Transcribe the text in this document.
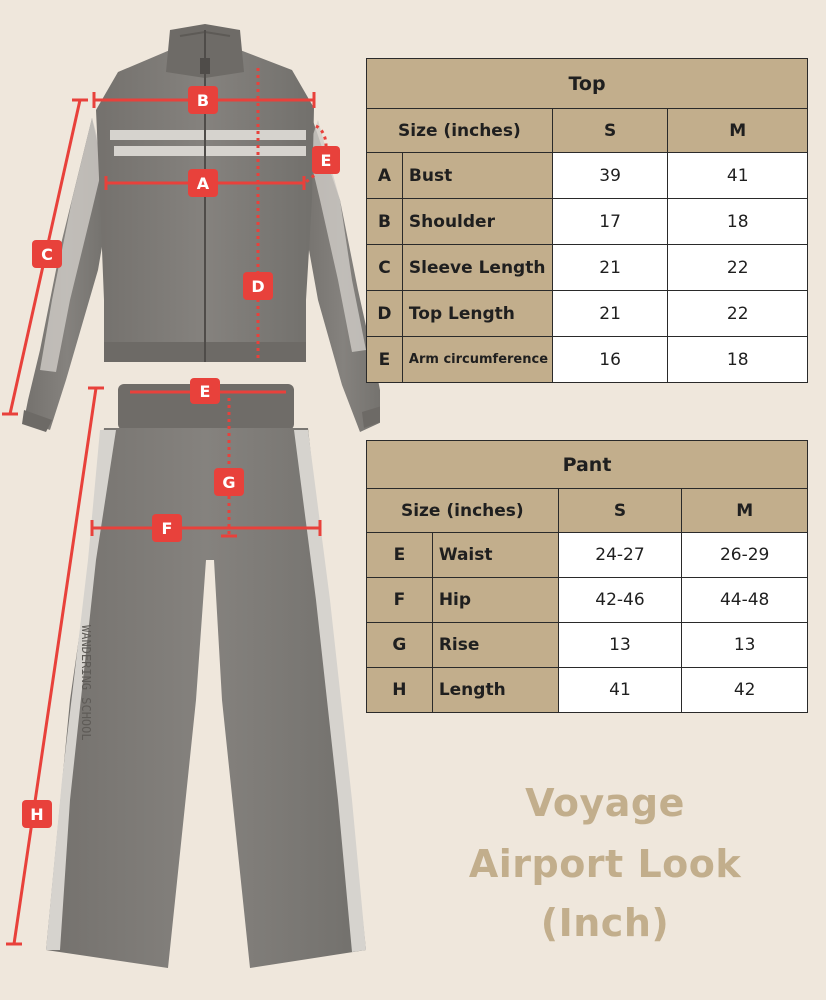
WANDERING SCHOOL
B
A
E
C
D
E
G
F
H
Top			
Size (inches)		S	M
A	Bust	39	41
B	Shoulder	17	18
C	Sleeve Length	21	22
D	Top Length	21	22
E	Arm circumference	16	18
Pant			
Size (inches)		S	M
E	Waist	24-27	26-29
F	Hip	42-46	44-48
G	Rise	13	13
H	Length	41	42
Voyage
Airport Look
(Inch)
